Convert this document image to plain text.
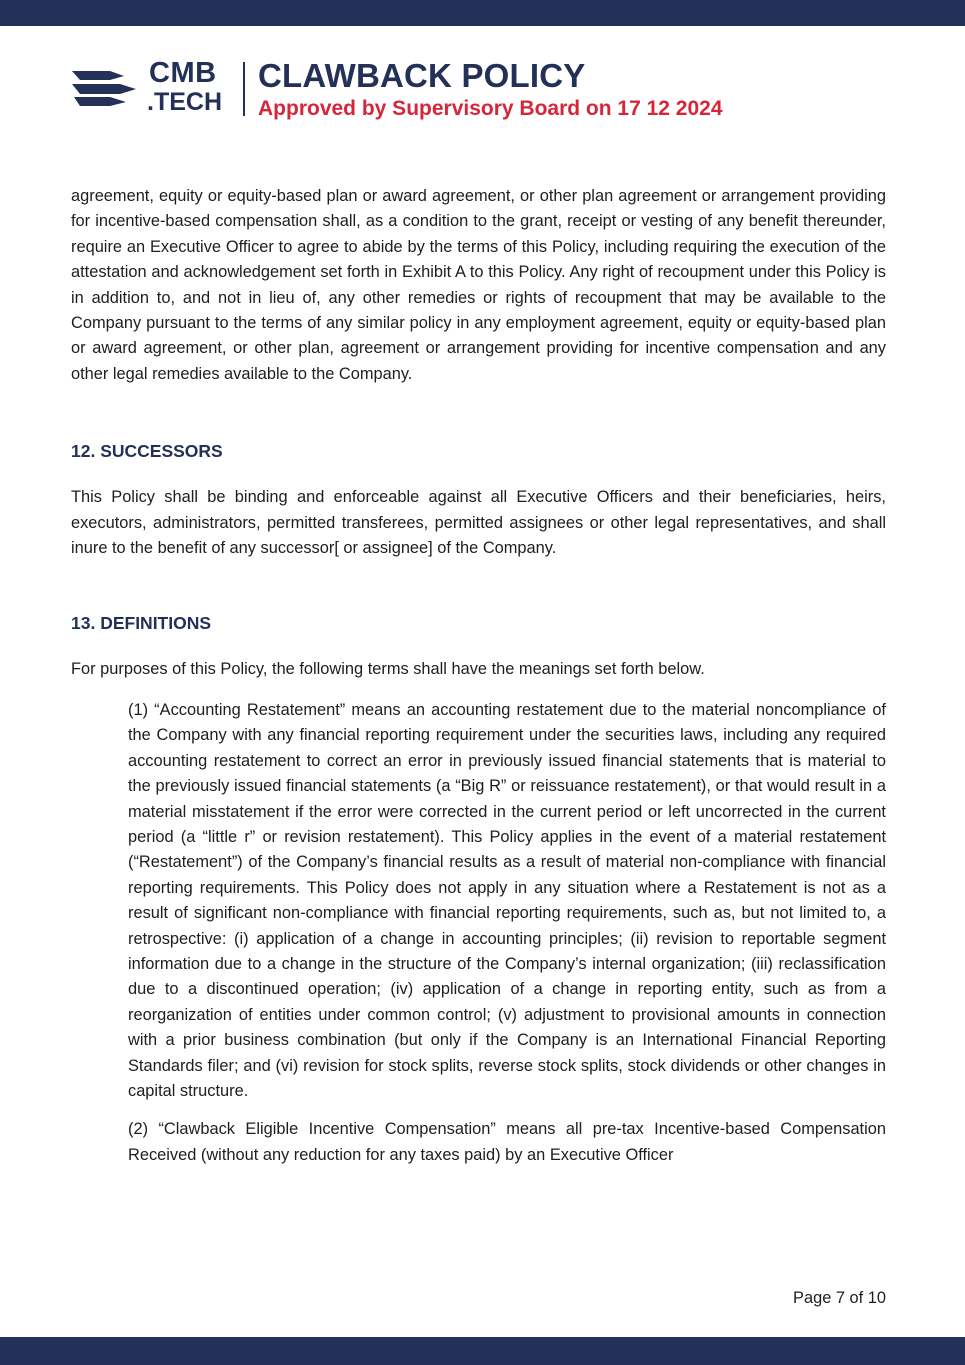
CMB
.TECH
CLAWBACK POLICY
Approved by Supervisory Board on 17 12 2024

agreement, equity or equity-based plan or award agreement, or other plan agreement or arrangement providing for incentive-based compensation shall, as a condition to the grant, receipt or vesting of any benefit thereunder, require an Executive Officer to agree to abide by the terms of this Policy, including requiring the execution of the attestation and acknowledgement set forth in Exhibit A to this Policy. Any right of recoupment under this Policy is in addition to, and not in lieu of, any other remedies or rights of recoupment that may be available to the Company pursuant to the terms of any similar policy in any employment agreement, equity or equity-based plan or award agreement, or other plan, agreement or arrangement providing for incentive compensation and any other legal remedies available to the Company.

12. SUCCESSORS

This Policy shall be binding and enforceable against all Executive Officers and their beneficiaries, heirs, executors, administrators, permitted transferees, permitted assignees or other legal representatives, and shall inure to the benefit of any successor[ or assignee] of the Company.

13. DEFINITIONS

For purposes of this Policy, the following terms shall have the meanings set forth below.

(1) “Accounting Restatement” means an accounting restatement due to the material noncompliance of the Company with any financial reporting requirement under the securities laws, including any required accounting restatement to correct an error in previously issued financial statements that is material to the previously issued financial statements (a “Big R” or reissuance restatement), or that would result in a material misstatement if the error were corrected in the current period or left uncorrected in the current period (a “little r” or revision restatement). This Policy applies in the event of a material restatement (“Restatement”) of the Company’s financial results as a result of material non-compliance with financial reporting requirements. This Policy does not apply in any situation where a Restatement is not as a result of significant non-compliance with financial reporting requirements, such as, but not limited to, a retrospective: (i) application of a change in accounting principles; (ii) revision to reportable segment information due to a change in the structure of the Company’s internal organization; (iii) reclassification due to a discontinued operation; (iv) application of a change in reporting entity, such as from a reorganization of entities under common control; (v) adjustment to provisional amounts in connection with a prior business combination (but only if the Company is an International Financial Reporting Standards filer; and (vi) revision for stock splits, reverse stock splits, stock dividends or other changes in capital structure.

(2) “Clawback Eligible Incentive Compensation” means all pre-tax Incentive-based Compensation Received (without any reduction for any taxes paid) by an Executive Officer

Page 7 of 10
